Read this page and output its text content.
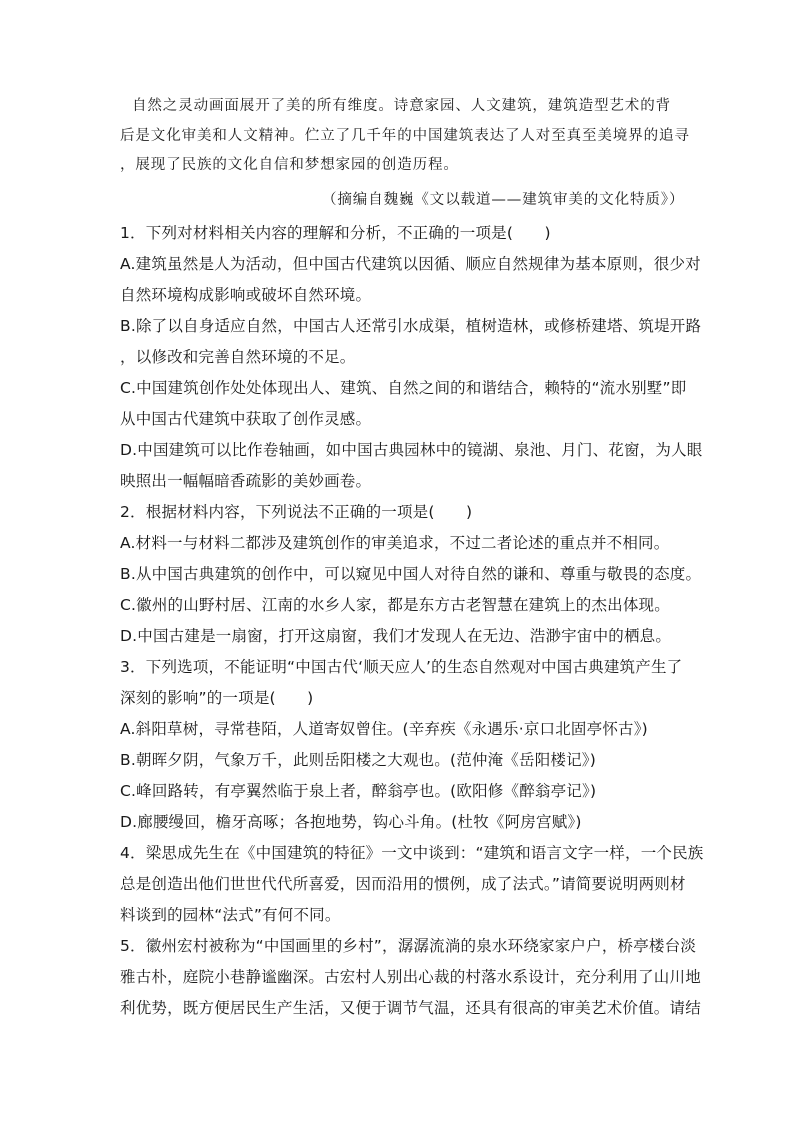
自然之灵动画面展开了美的所有维度。诗意家园、人文建筑，建筑造型艺术的背
后是文化审美和人文精神。伫立了几千年的中国建筑表达了人对至真至美境界的追寻
，展现了民族的文化自信和梦想家园的创造历程。
（摘编自魏巍《文以载道——建筑审美的文化特质》）
1．下列对材料相关内容的理解和分析，不正确的一项是(　　)
A.建筑虽然是人为活动，但中国古代建筑以因循、顺应自然规律为基本原则，很少对
自然环境构成影响或破坏自然环境。
B.除了以自身适应自然，中国古人还常引水成渠，植树造林，或修桥建塔、筑堤开路
，以修改和完善自然环境的不足。
C.中国建筑创作处处体现出人、建筑、自然之间的和谐结合，赖特的“流水别墅”即
从中国古代建筑中获取了创作灵感。
D.中国建筑可以比作卷轴画，如中国古典园林中的镜湖、泉池、月门、花窗，为人眼
映照出一幅幅暗香疏影的美妙画卷。
2．根据材料内容，下列说法不正确的一项是(　　)
A.材料一与材料二都涉及建筑创作的审美追求，不过二者论述的重点并不相同。
B.从中国古典建筑的创作中，可以窥见中国人对待自然的谦和、尊重与敬畏的态度。
C.徽州的山野村居、江南的水乡人家，都是东方古老智慧在建筑上的杰出体现。
D.中国古建是一扇窗，打开这扇窗，我们才发现人在无边、浩渺宇宙中的栖息。
3．下列选项，不能证明“中国古代‘顺天应人’的生态自然观对中国古典建筑产生了
深刻的影响”的一项是(　　)
A.斜阳草树，寻常巷陌，人道寄奴曾住。(辛弃疾《永遇乐·京口北固亭怀古》)
B.朝晖夕阴，气象万千，此则岳阳楼之大观也。(范仲淹《岳阳楼记》)
C.峰回路转，有亭翼然临于泉上者，醉翁亭也。(欧阳修《醉翁亭记》)
D.廊腰缦回，檐牙高啄；各抱地势，钩心斗角。(杜牧《阿房宫赋》)
4．梁思成先生在《中国建筑的特征》一文中谈到：“建筑和语言文字一样，一个民族
总是创造出他们世世代代所喜爱，因而沿用的惯例，成了法式。”请简要说明两则材
料谈到的园林“法式”有何不同。
5．徽州宏村被称为“中国画里的乡村”，潺潺流淌的泉水环绕家家户户，桥亭楼台淡
雅古朴，庭院小巷静谧幽深。古宏村人别出心裁的村落水系设计，充分利用了山川地
利优势，既方便居民生产生活，又便于调节气温，还具有很高的审美艺术价值。请结
